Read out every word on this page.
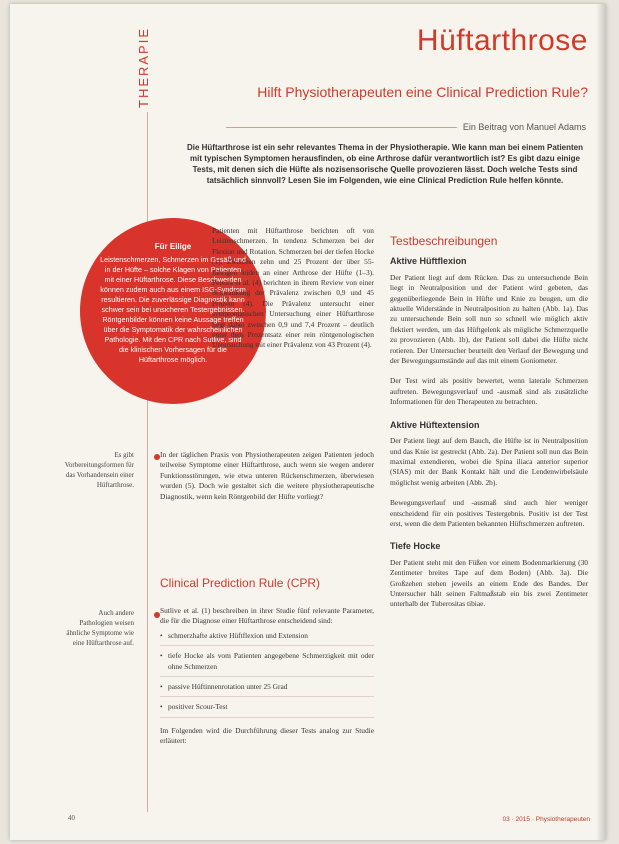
THERAPIE	Hüftarthrose
Hilft Physiotherapeuten eine Clinical Prediction Rule?
Ein Beitrag von Manuel Adams
Die Hüftarthrose ist ein sehr relevantes Thema in der Physiotherapie. Wie kann man bei einem Patienten mit typischen Symptomen herausfinden, ob eine Arthrose dafür verantwortlich ist? Es gibt dazu einige Tests, mit denen sich die Hüfte als nozisensorische Quelle provozieren lässt. Doch welche Tests sind tatsächlich sinnvoll? Lesen Sie im Folgenden, wie eine Clinical Prediction Rule helfen könnte.
Für Eilige
Leistenschmerzen, Schmerzen im Gesäß und in der Hüfte – solche Klagen von Patienten mit einer Hüftarthrose. Diese Beschwerden können zudem auch aus einem ISG-Syndrom resultieren. Die zuverlässige Diagnostik kann schwer sein bei unsicheren Testergebnissen. Röntgenbilder können keine Aussage treffen über die Symptomatik der wahrscheinlichen Pathologie. Mit den CPR nach Sutlive, sind die klinischen Vorhersagen für die Hüftarthrose möglich.
Patienten mit Hüftarthrose berichten oft von Leistenschmerzen. In tendenz Schmerzen bei der Flexion und Rotation. Schmerzen bei der tiefen Hocke (1). Zwischen zehn und 25 Prozent der über 55-Jährigen leiden an einer Arthrose der Hüfte (1–3). Pereira et al. (4) berichten in ihrem Review von einer Schwankung der Prävalenz zwischen 0,9 und 45 Prozent (4). Die Prävalenz untersucht einer symptomatischen Untersuchung einer Hüftarthrose liegt dabei zwischen 0,9 und 7,4 Prozent – deutlich unter dem Prozentsatz einer rein röntgenologischen Untersuchung mit einer Prävalenz von 43 Prozent (4).
Es gibt Vorbereitungsformen für das Vorhandensein einer Hüftarthrose.
In der täglichen Praxis von Physiotherapeuten zeigen Patienten jedoch teilweise Symptome einer Hüftarthrose, auch wenn sie wegen anderer Funktionsstörungen, wie etwa unteren Rückenschmerzen, überwiesen wurden (5). Doch wie gestaltet sich die weitere physiotherapeutische Diagnostik, wenn kein Röntgenbild der Hüfte vorliegt?
Clinical Prediction Rule (CPR)
Auch andere Pathologien weisen ähnliche Symptome wie eine Hüftarthrose auf.
Sutlive et al. (1) beschreiben in ihrer Studie fünf relevante Parameter, die für die Diagnose einer Hüftarthrose entscheidend sind:
• schmerzhafte aktive Hüftflexion und Extension
• tiefe Hocke als vom Patienten angegebene Schmerzigkeit mit oder ohne Schmerzen
• passive Hüftinnenrotation unter 25 Grad
• positiver Scour-Test
Im Folgenden wird die Durchführung dieser Tests analog zur Studie erläutert:
Testbeschreibungen
Aktive Hüftflexion
Der Patient liegt auf dem Rücken. Das zu untersuchende Bein liegt in Neutralposition und der Patient wird gebeten, das gegenüberliegende Bein in Hüfte und Knie zu beugen, um die aktuelle Widerstände in Neutralposition zu halten (Abb. 1a). Das zu untersuchende Bein soll nun so schnell wie möglich aktiv flektiert werden, um das Hüftgelenk als mögliche Schmerzquelle zu provozieren (Abb. 1b), der Patient soll dabei die Hüfte nicht rotieren. Der Untersucher beurteilt den Verlauf der Bewegung und der Bewegungsumstände auf das mit einem Goniometer.
Der Test wird als positiv bewertet, wenn laterale Schmerzen auftreten. Bewegungsverlauf und -ausmaß sind als zusätzliche Informationen für den Therapeuten zu betrachten.
Aktive Hüftextension
Der Patient liegt auf dem Bauch, die Hüfte ist in Neutralposition und das Knie ist gestreckt (Abb. 2a). Der Patient soll nun das Bein maximal extendieren, wobei die Spina iliaca anterior superior (SIAS) mit der Bank Kontakt hält und die Lendenwirbelsäule möglichst wenig arbeiten (Abb. 2b).
Bewegungsverlauf und -ausmaß sind auch hier weniger entscheidend für ein positives Testergebnis. Positiv ist der Test erst, wenn die dem Patienten bekannten Hüftschmerzen auftreten.
Tiefe Hocke
Der Patient steht mit den Füßen vor einem Bodenmarkierung (30 Zentimeter breites Tape auf dem Boden) (Abb. 3a). Die Großzehen stehen jeweils an einem Ende des Bandes. Der Untersucher hält seinen Faltmaßstab ein bis zwei Zentimeter unterhalb der Tuberositas tibiae.
40	03 · 2015 · Physiotherapeuten
